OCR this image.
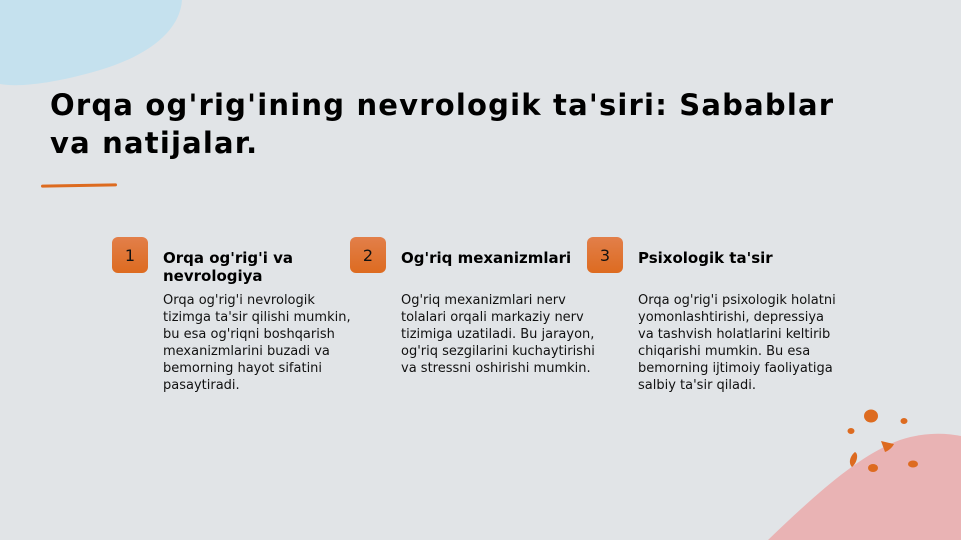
Orqa og'rig'ining nevrologik ta'siri: Sabablar va natijalar.
1	Orqa og'rig'i va nevrologiya
Orqa og'rig'i nevrologik tizimga ta'sir qilishi mumkin, bu esa og'riqni boshqarish mexanizmlarini buzadi va bemorning hayot sifatini pasaytiradi.
2	Og'riq mexanizmlari
Og'riq mexanizmlari nerv tolalari orqali markaziy nerv tizimiga uzatiladi. Bu jarayon, og'riq sezgilarini kuchaytirishi va stressni oshirishi mumkin.
3	Psixologik ta'sir
Orqa og'rig'i psixologik holatni yomonlashtirishi, depressiya va tashvish holatlarini keltirib chiqarishi mumkin. Bu esa bemorning ijtimoiy faoliyatiga salbiy ta'sir qiladi.
